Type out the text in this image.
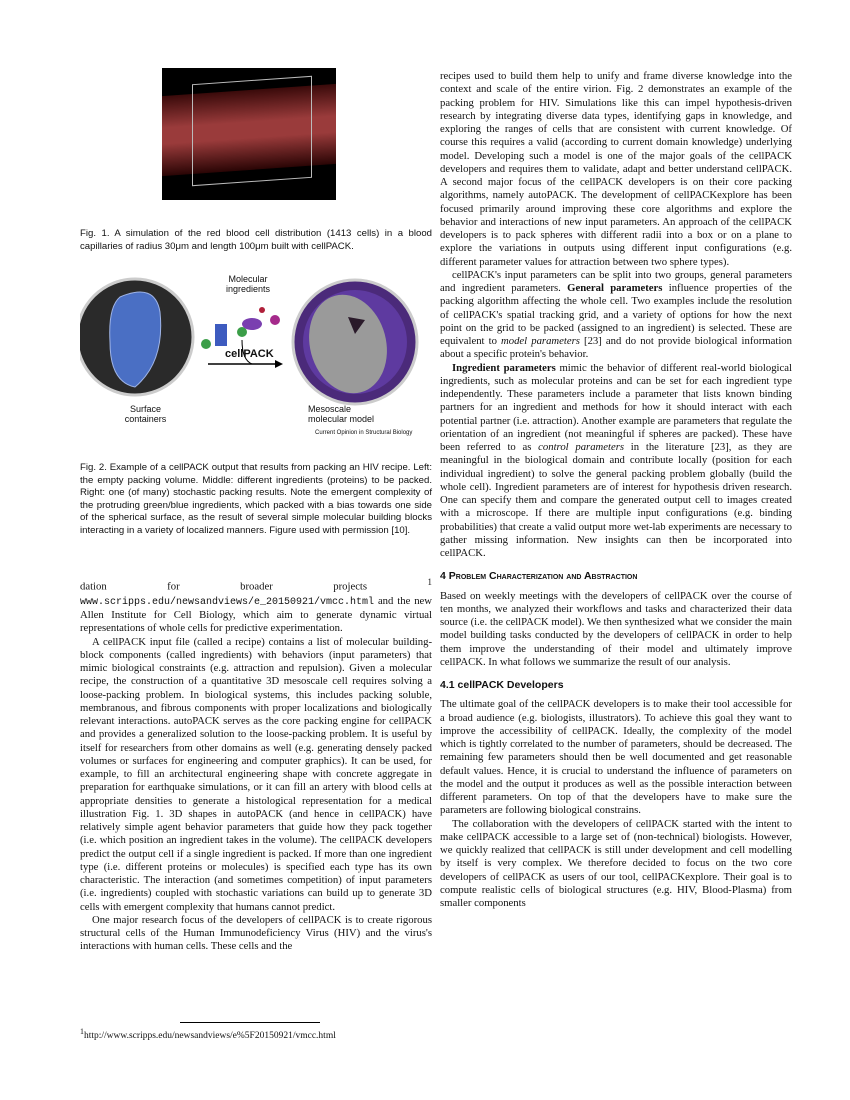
Fig. 1. A simulation of the red blood cell distribution (1413 cells) in a blood capillaries of radius 30μm and length 100μm built with cellPACK.
Molecular ingredients
cellPACK
Surface containers
Mesoscale molecular model
Current Opinion in Structural Biology
Fig. 2. Example of a cellPACK output that results from packing an HIV recipe. Left: the empty packing volume. Middle: different ingredients (proteins) to be packed. Right: one (of many) stochastic packing results. Note the emergent complexity of the protruding green/blue ingredients, which packed with a bias towards one side of the spherical surface, as the result of several simple molecular building blocks interacting in a variety of localized manners. Figure used with permission [10].

dation for broader projects $^1$ www.scripps.edu/newsandviews/e_20150921/vmcc.html and the new Allen Institute for Cell Biology, which aim to generate dynamic virtual representations of whole cells for predictive experimentation.

A cellPACK input file (called a recipe) contains a list of molecular building-block components (called ingredients) with behaviors (input parameters) that mimic biological constraints (e.g. attraction and repulsion). Given a molecular recipe, the construction of a quantitative 3D mesoscale cell requires solving a loose-packing problem. In biological systems, this includes packing soluble, membranous, and fibrous components with proper localizations and biologically relevant interactions. autoPACK serves as the core packing engine for cellPACK and provides a generalized solution to the loose-packing problem. It is useful by itself for researchers from other domains as well (e.g. generating densely packed volumes or surfaces for engineering and computer graphics). It can be used, for example, to fill an architectural engineering shape with concrete aggregate in preparation for earthquake simulations, or it can fill an artery with blood cells at appropriate densities to generate a histological representation for a medical illustration Fig. 1. 3D shapes in autoPACK (and hence in cellPACK) have relatively simple agent behavior parameters that guide how they pack together (i.e. which position an ingredient takes in the volume). The cellPACK developers predict the output cell if a single ingredient is packed. If more than one ingredient type (i.e. different proteins or molecules) is specified each type has its own characteristic. The interaction (and sometimes competition) of input parameters (i.e. ingredients) coupled with stochastic variations can build up to generate 3D cells with emergent complexity that humans cannot predict.

One major research focus of the developers of cellPACK is to create rigorous structural cells of the Human Immunodeficiency Virus (HIV) and the virus's interactions with human cells. These cells and the

$^1$http://www.scripps.edu/newsandviews/e%5F20150921/vmcc.html

recipes used to build them help to unify and frame diverse knowledge into the context and scale of the entire virion. Fig. 2 demonstrates an example of the packing problem for HIV. Simulations like this can impel hypothesis-driven research by integrating diverse data types, identifying gaps in knowledge, and exploring the ranges of cells that are consistent with current knowledge. Of course this requires a valid (according to current domain knowledge) underlying model. Developing such a model is one of the major goals of the cellPACK developers and requires them to validate, adapt and better understand cellPACK. A second major focus of the cellPACK developers is on their core packing algorithms, namely autoPACK. The development of cellPACKexplore has been focused primarily around improving these core algorithms and explore the behavior and interactions of new input parameters. An approach of the cellPACK developers is to pack spheres with different radii into a box or on a plane to explore the variations in outputs using different input configurations (e.g. different parameter values for attraction between two sphere types).

cellPACK's input parameters can be split into two groups, general parameters and ingredient parameters. General parameters influence properties of the packing algorithm affecting the whole cell. Two examples include the resolution of cellPACK's spatial tracking grid, and a variety of options for how the next point on the grid to be packed (assigned to an ingredient) is selected. These are equivalent to model parameters [23] and do not provide biological information about a specific protein's behavior.

Ingredient parameters mimic the behavior of different real-world biological ingredients, such as molecular proteins and can be set for each ingredient type independently. These parameters include a parameter that lists known binding partners for an ingredient and methods for how it should interact with each potential partner (i.e. attraction). Another example are parameters that regulate the orientation of an ingredient (not meaningful if spheres are packed). These have been referred to as control parameters in the literature [23], as they are meaningful in the biological domain and contribute locally (position for each individual ingredient) to solve the general packing problem globally (build the whole cell). Ingredient parameters are of interest for hypothesis driven research. One can specify them and compare the generated output cell to images created with a microscope. If there are multiple input configurations (e.g. binding probabilities) that create a valid output more wet-lab experiments are necessary to gather missing information. New insights can then be incorporated into cellPACK.

4 Problem Characterization and Abstraction

Based on weekly meetings with the developers of cellPACK over the course of ten months, we analyzed their workflows and tasks and characterized their data source (i.e. the cellPACK model). We then synthesized what we consider the main model building tasks conducted by the developers of cellPACK in order to help them improve the understanding of their model and ultimately improve cellPACK. In what follows we summarize the result of our analysis.

4.1 cellPACK Developers

The ultimate goal of the cellPACK developers is to make their tool accessible for a broad audience (e.g. biologists, illustrators). To achieve this goal they want to improve the accessibility of cellPACK. Ideally, the complexity of the model which is tightly correlated to the number of parameters, should be decreased. The remaining few parameters should then be well documented and get reasonable default values. Hence, it is crucial to understand the influence of parameters on the model and the output it produces as well as the possible interaction between different parameters. On top of that the developers have to make sure the parameters are following biological constrains.

The collaboration with the developers of cellPACK started with the intent to make cellPACK accessible to a large set of (non-technical) biologists. However, we quickly realized that cellPACK is still under development and cell modelling by itself is very complex. We therefore decided to focus on the two core developers of cellPACK as users of our tool, cellPACKexplore. Their goal is to compute realistic cells of biological structures (e.g. HIV, Blood-Plasma) from smaller components
